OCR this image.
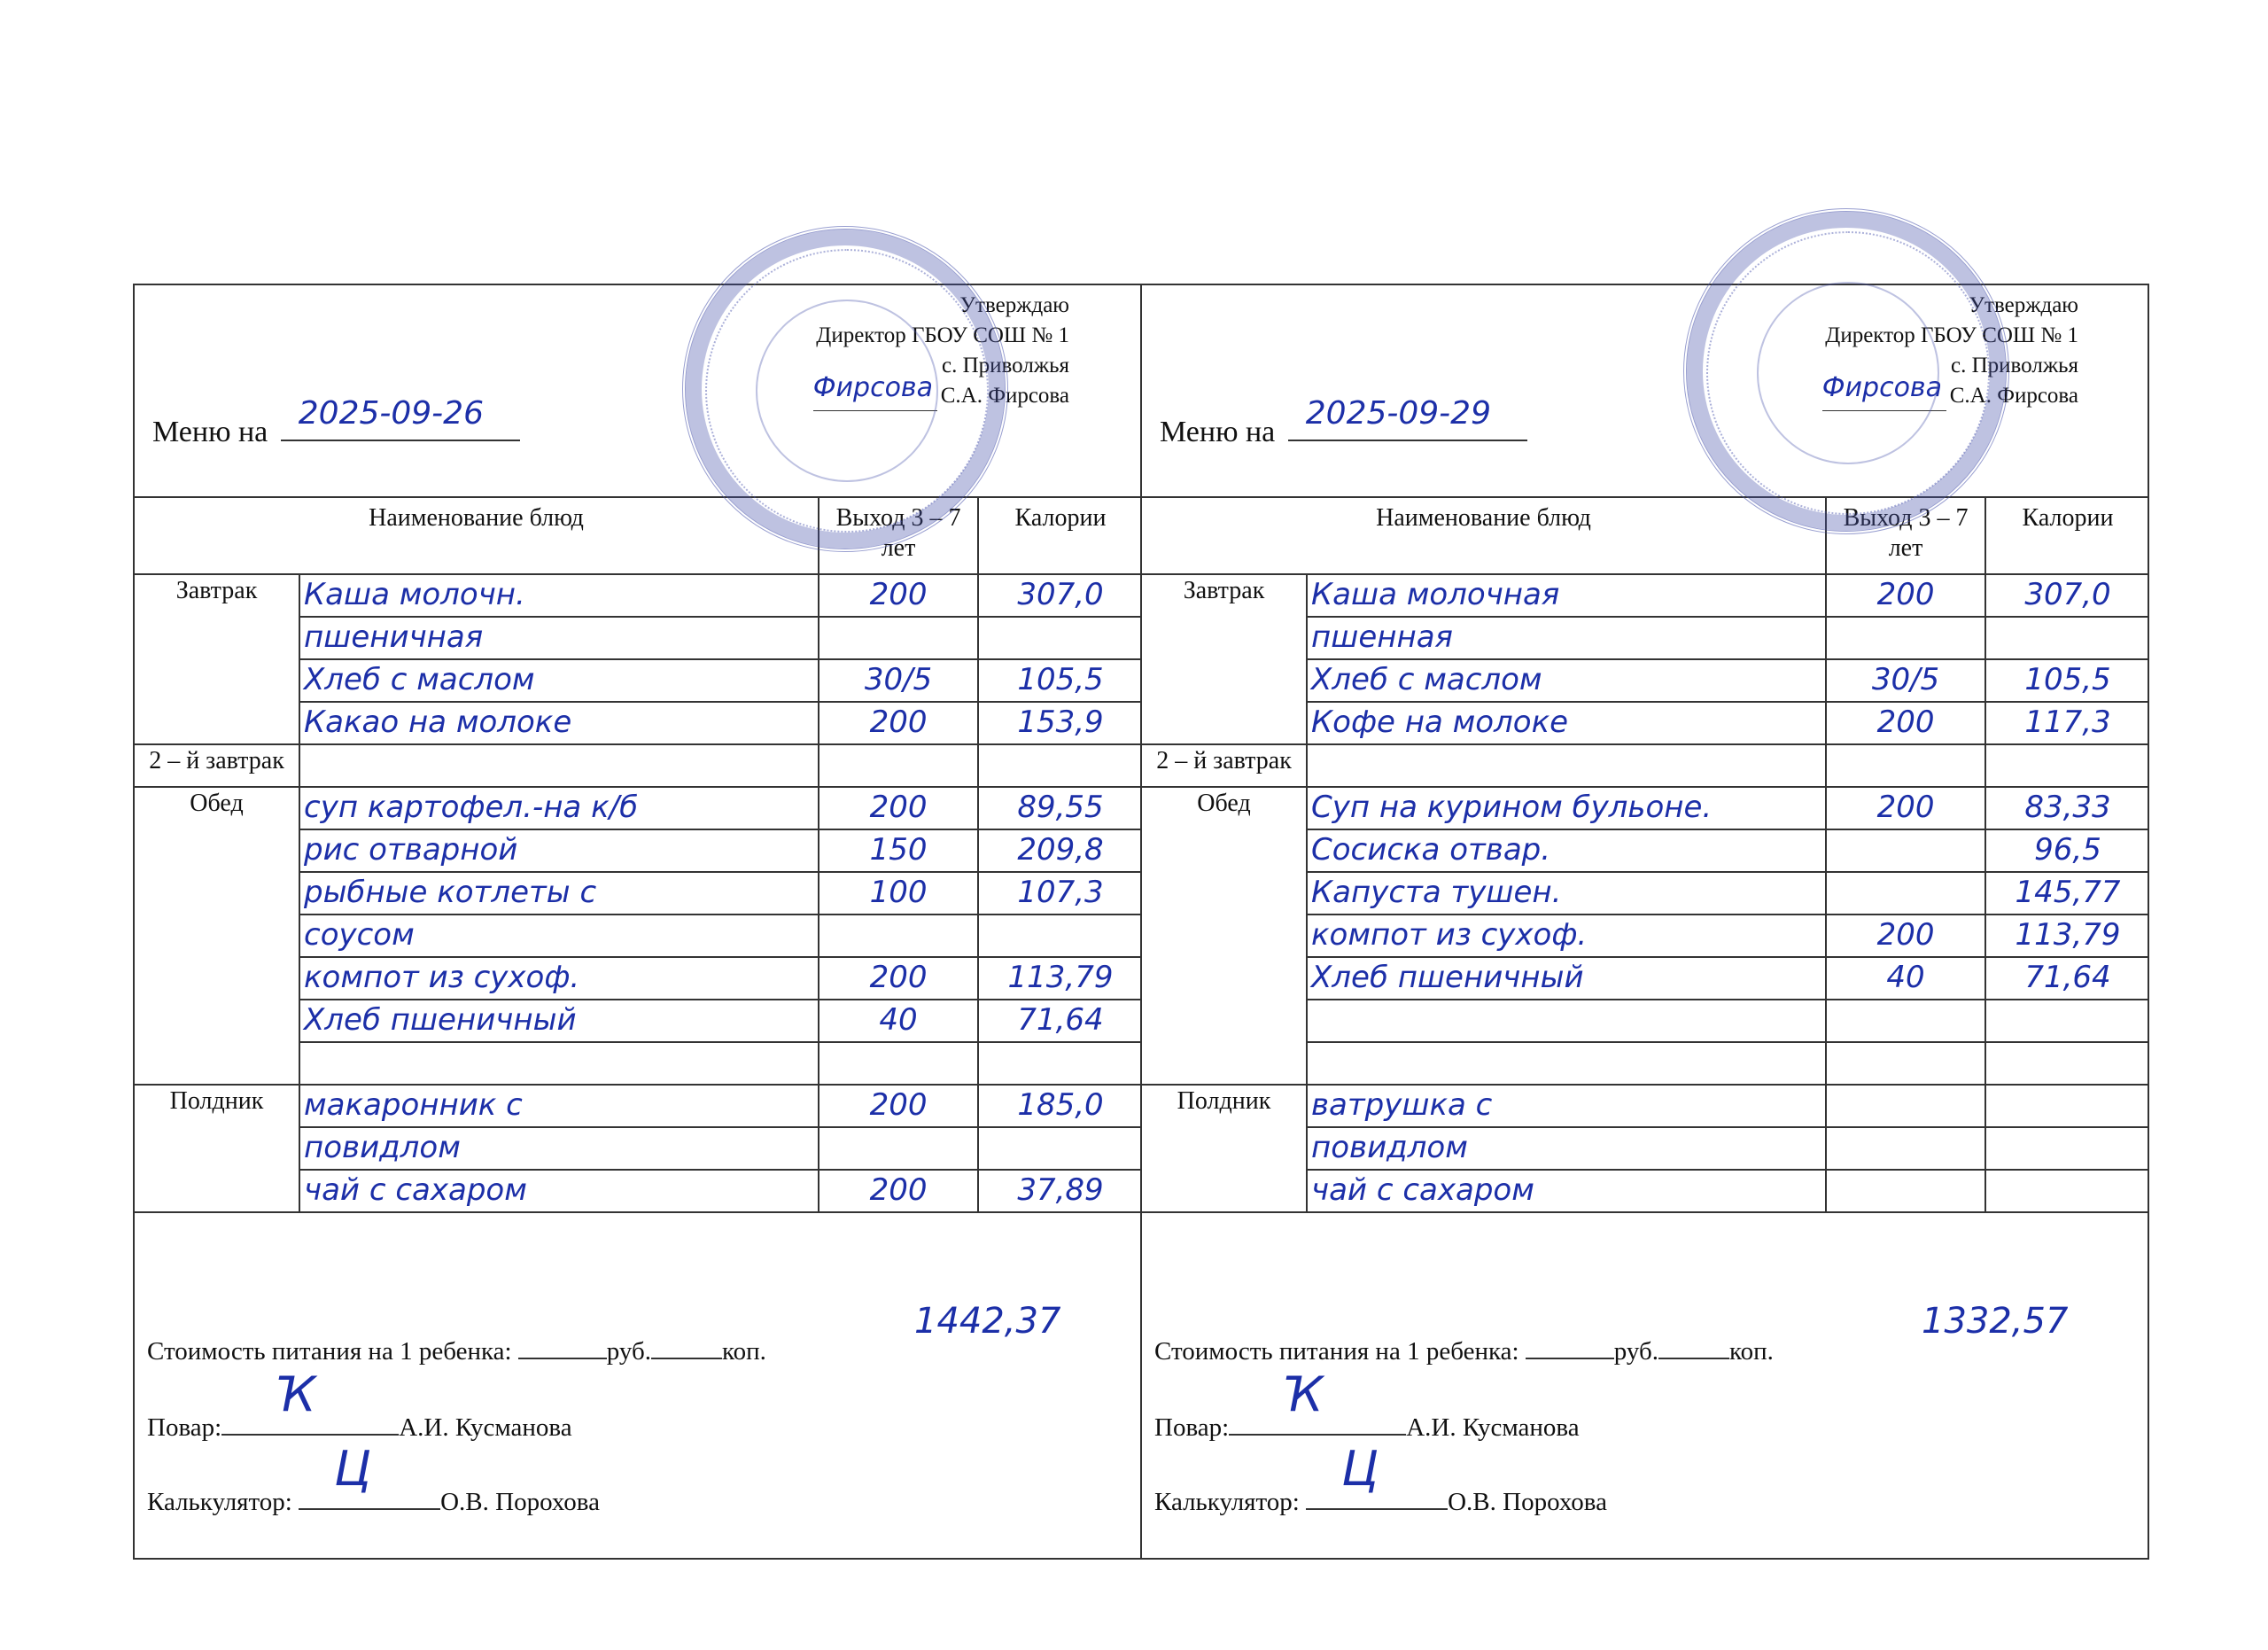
Утверждаю
Директор ГБОУ СОШ № 1
с. Приволжья
Фирсова С.А. Фирсова
Меню на
2025-09-26
Наименование блюд		Выход 3 – 7 лет	Калории
Завтрак	Каша молочн.	200	307,0
	пшеничная		
	Хлеб с маслом	30/5	105,5
	Какао на молоке	200	153,9
2 – й завтрак			
Обед	суп картофел.-на к/б	200	89,55
	рис отварной	150	209,8
	рыбные котлеты с	100	107,3
	соусом		
	компот из сухоф.	200	113,79
	Хлеб пшеничный	40	71,64

Полдник	макаронник с	200	185,0
	повидлом		
	чай с сахаром	200	37,89
Стоимость питания на 1 ребенка:	руб.	коп.
1442,37
Повар:
Ҡ
А.И. Кусманова
Калькулятор:
Ц
О.В. Порохова
Утверждаю
Директор ГБОУ СОШ № 1
с. Приволжья
Фирсова С.А. Фирсова
Меню на
2025-09-29
Наименование блюд		Выход 3 – 7 лет	Калории
Завтрак	Каша молочная	200	307,0
	пшенная		
	Хлеб с маслом	30/5	105,5
	Кофе на молоке	200	117,3
2 – й завтрак			
Обед	Суп на курином бульоне.	200	83,33
	Сосиска отвар.		96,5
	Капуста тушен.		145,77
	компот из сухоф.	200	113,79
	Хлеб пшеничный	40	71,64

Полдник	ватрушка с		
	повидлом		
	чай с сахаром		
Стоимость питания на 1 ребенка:	руб.	коп.
1332,57
Повар:
Ҡ
А.И. Кусманова
Калькулятор:
Ц
О.В. Порохова
